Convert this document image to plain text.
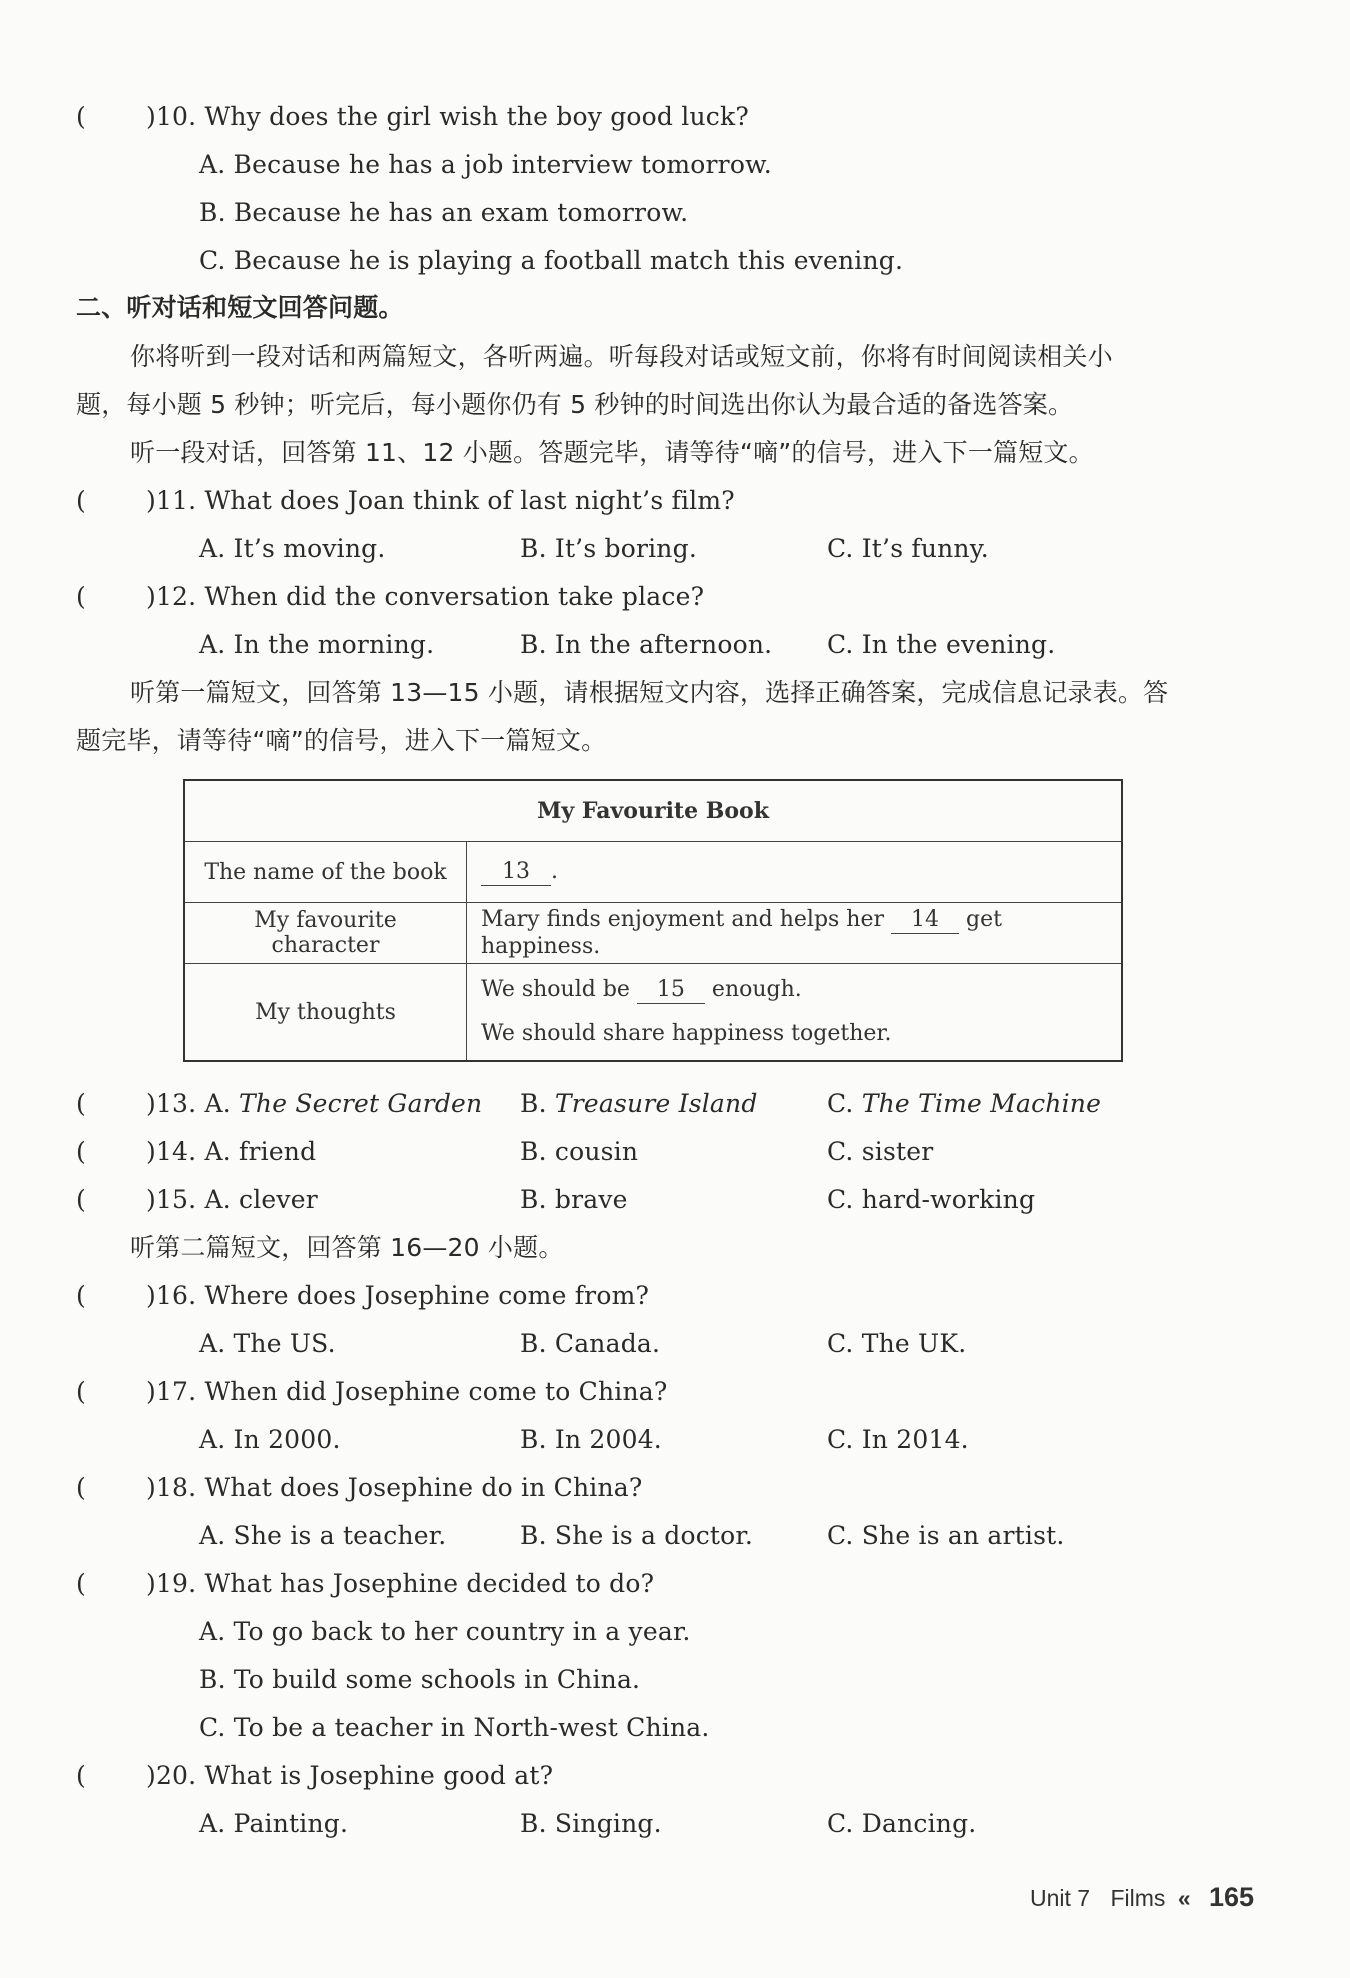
( )10. Why does the girl wish the boy good luck?
A. Because he has a job interview tomorrow.
B. Because he has an exam tomorrow.
C. Because he is playing a football match this evening.
二、听对话和短文回答问题。
你将听到一段对话和两篇短文，各听两遍。听每段对话或短文前，你将有时间阅读相关小
题，每小题 5 秒钟；听完后，每小题你仍有 5 秒钟的时间选出你认为最合适的备选答案。
听一段对话，回答第 11、12 小题。答题完毕，请等待“嘀”的信号，进入下一篇短文。
( )11. What does Joan think of last night’s film?
A. It’s moving.	B. It’s boring.	C. It’s funny.
( )12. When did the conversation take place?
A. In the morning.	B. In the afternoon. C. In the evening.
听第一篇短文，回答第 13—15 小题，请根据短文内容，选择正确答案，完成信息记录表。答
题完毕，请等待“嘀”的信号，进入下一篇短文。
My Favourite Book	
The name of the book	13 .
My favourite character	Mary finds enjoyment and helps her 14 get happiness.
My thoughts	We should be 15 enough.
We should share happiness together.
( )13. A. The Secret Garden B. Treasure Island	C. The Time Machine
( )14. A. friend	B. cousin	C. sister
( )15. A. clever	B. brave	C. hard-working
听第二篇短文，回答第 16—20 小题。
( )16. Where does Josephine come from?
A. The US.	B. Canada.	C. The UK.
( )17. When did Josephine come to China?
A. In 2000.	B. In 2004.	C. In 2014.
( )18. What does Josephine do in China?
A. She is a teacher.	B. She is a doctor.	C. She is an artist.
( )19. What has Josephine decided to do?
A. To go back to her country in a year.
B. To build some schools in China.
C. To be a teacher in North-west China.
( )20. What is Josephine good at?
A. Painting.	B. Singing.	C. Dancing.
Unit 7 Films « 165
